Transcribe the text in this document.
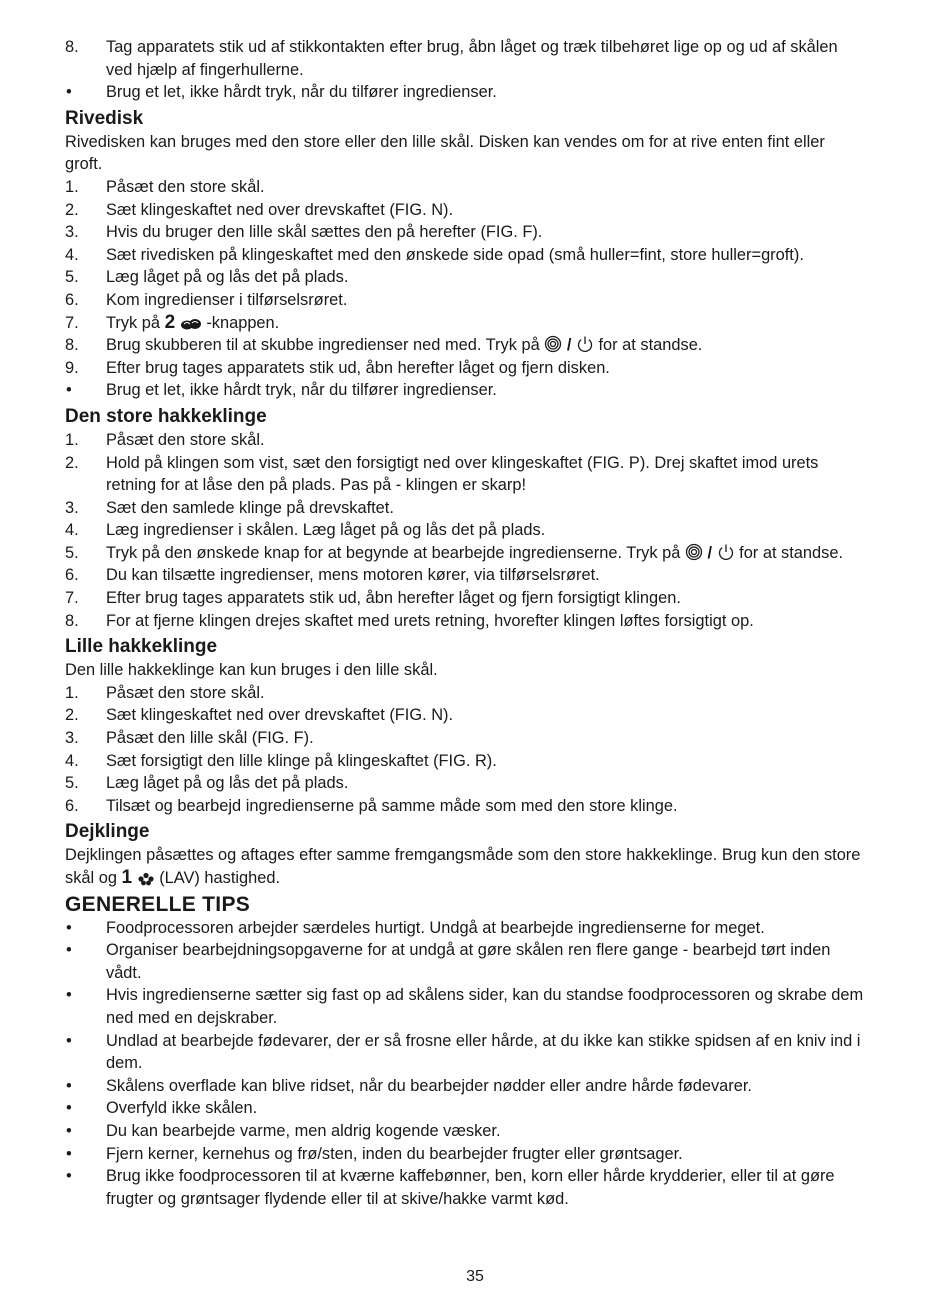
8.	Tag apparatets stik ud af stikkontakten efter brug, åbn låget og træk tilbehøret lige op og ud af skålen ved hjælp af fingerhullerne.
•	Brug et let, ikke hårdt tryk, når du tilfører ingredienser.
Rivedisk
Rivedisken kan bruges med den store eller den lille skål. Disken kan vendes om for at rive enten fint eller groft.
1.	Påsæt den store skål.
2.	Sæt klingeskaftet ned over drevskaftet (FIG. N).
3.	Hvis du bruger den lille skål sættes den på herefter (FIG. F).
4.	Sæt rivedisken på klingeskaftet med den ønskede side opad (små huller=fint, store huller=groft).
5.	Læg låget på og lås det på plads.
6.	Kom ingredienser i tilførselsrøret.
7.	Tryk på 2 -knappen.
8.	Brug skubberen til at skubbe ingredienser ned med. Tryk på / for at standse.
9.	Efter brug tages apparatets stik ud, åbn herefter låget og fjern disken.
•	Brug et let, ikke hårdt tryk, når du tilfører ingredienser.
Den store hakkeklinge
1.	Påsæt den store skål.
2.	Hold på klingen som vist, sæt den forsigtigt ned over klingeskaftet (FIG. P). Drej skaftet imod urets retning for at låse den på plads. Pas på - klingen er skarp!
3.	Sæt den samlede klinge på drevskaftet.
4.	Læg ingredienser i skålen. Læg låget på og lås det på plads.
5.	Tryk på den ønskede knap for at begynde at bearbejde ingredienserne. Tryk på / for at standse.
6.	Du kan tilsætte ingredienser, mens motoren kører, via tilførselsrøret.
7.	Efter brug tages apparatets stik ud, åbn herefter låget og fjern forsigtigt klingen.
8.	For at fjerne klingen drejes skaftet med urets retning, hvorefter klingen løftes forsigtigt op.
Lille hakkeklinge
Den lille hakkeklinge kan kun bruges i den lille skål.
1.	Påsæt den store skål.
2.	Sæt klingeskaftet ned over drevskaftet (FIG. N).
3.	Påsæt den lille skål (FIG. F).
4.	Sæt forsigtigt den lille klinge på klingeskaftet (FIG. R).
5.	Læg låget på og lås det på plads.
6.	Tilsæt og bearbejd ingredienserne på samme måde som med den store klinge.
Dejklinge
Dejklingen påsættes og aftages efter samme fremgangsmåde som den store hakkeklinge. Brug kun den store skål og 1 (LAV) hastighed.
GENERELLE TIPS
•	Foodprocessoren arbejder særdeles hurtigt. Undgå at bearbejde ingredienserne for meget.
•	Organiser bearbejdningsopgaverne for at undgå at gøre skålen ren flere gange - bearbejd tørt inden vådt.
•	Hvis ingredienserne sætter sig fast op ad skålens sider, kan du standse foodprocessoren og skrabe dem ned med en dejskraber.
•	Undlad at bearbejde fødevarer, der er så frosne eller hårde, at du ikke kan stikke spidsen af en kniv ind i dem.
•	Skålens overflade kan blive ridset, når du bearbejder nødder eller andre hårde fødevarer.
•	Overfyld ikke skålen.
•	Du kan bearbejde varme, men aldrig kogende væsker.
•	Fjern kerner, kernehus og frø/sten, inden du bearbejder frugter eller grøntsager.
•	Brug ikke foodprocessoren til at kværne kaffebønner, ben, korn eller hårde krydderier, eller til at gøre frugter og grøntsager flydende eller til at skive/hakke varmt kød.
35
